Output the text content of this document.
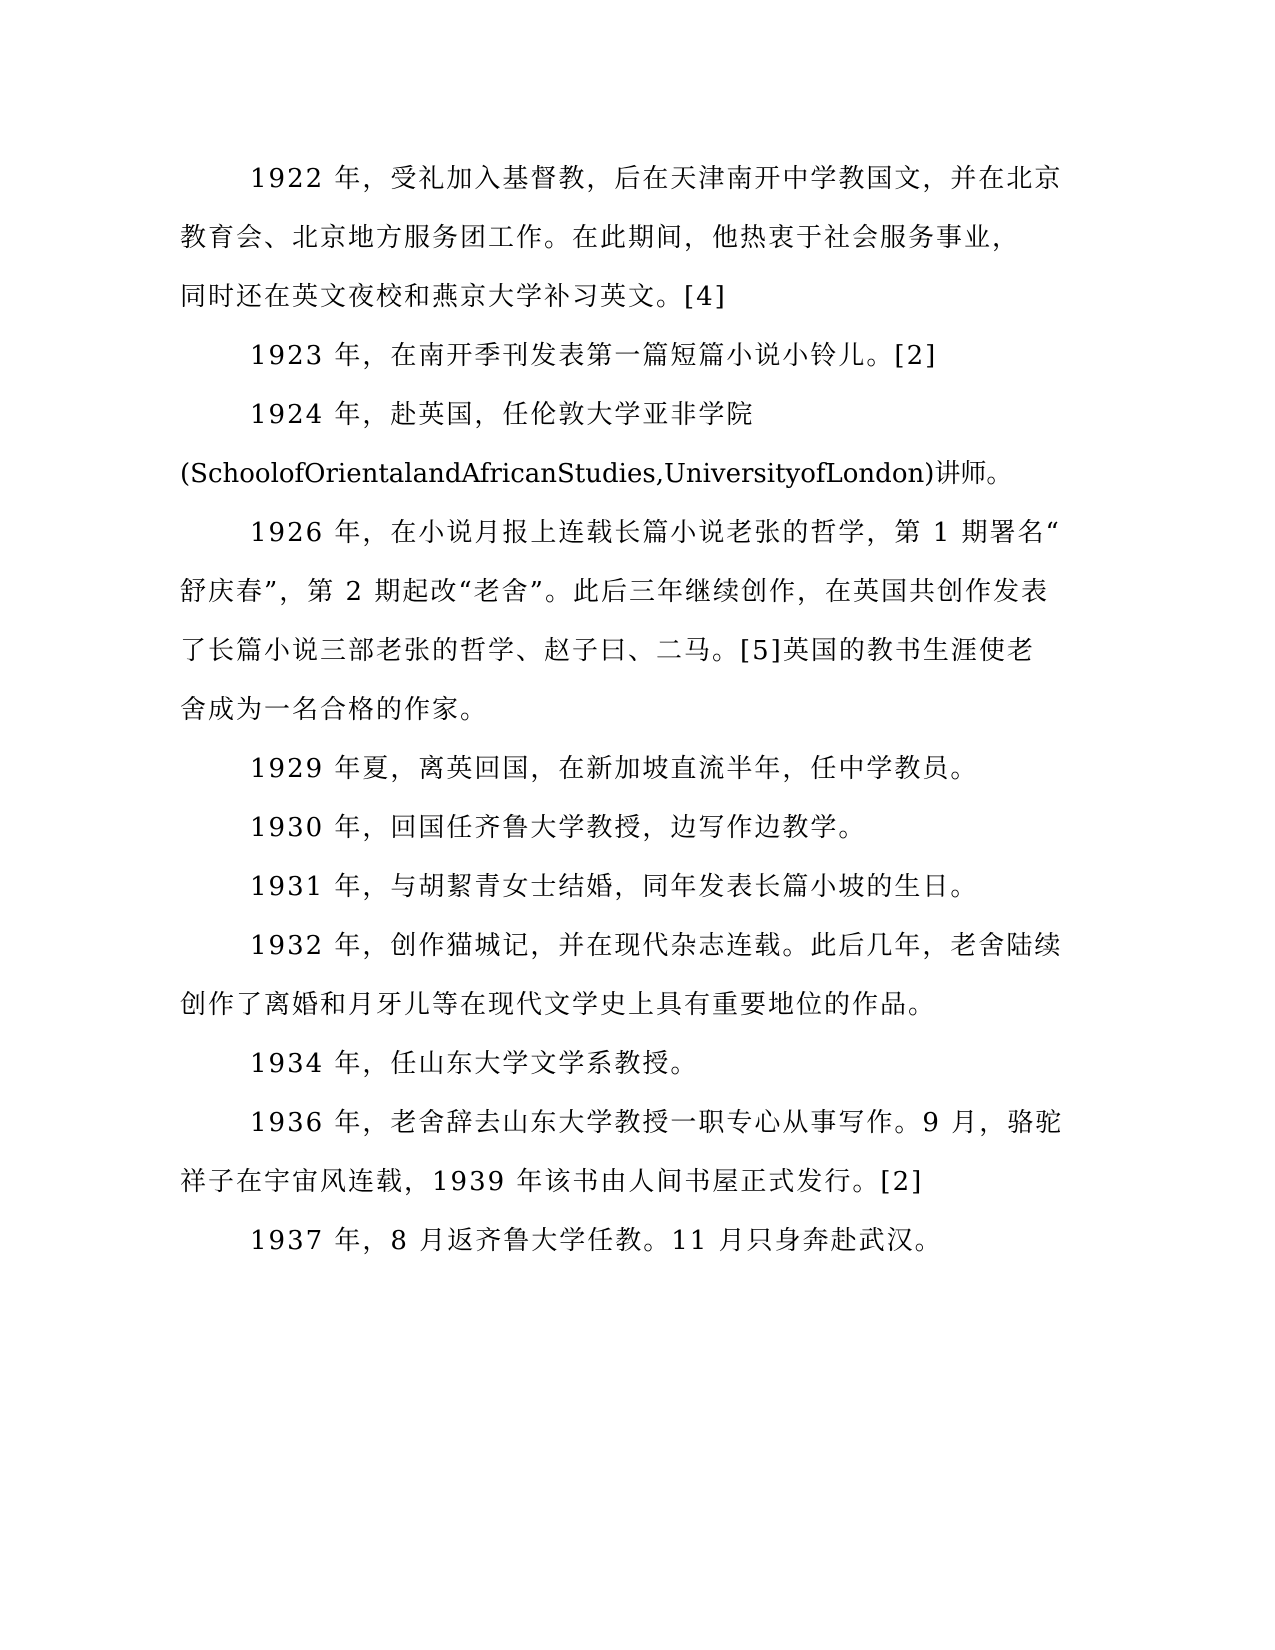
1922 年，受礼加入基督教，后在天津南开中学教国文，并在北京
教育会、北京地方服务团工作。在此期间，他热衷于社会服务事业，
同时还在英文夜校和燕京大学补习英文。[4]
1923 年，在南开季刊发表第一篇短篇小说小铃儿。[2]
1924 年，赴英国，任伦敦大学亚非学院
(SchoolofOrientalandAfricanStudies,UniversityofLondon)讲师。
1926 年，在小说月报上连载长篇小说老张的哲学，第 1 期署名“
舒庆春”，第 2 期起改“老舍”。此后三年继续创作，在英国共创作发表
了长篇小说三部老张的哲学、赵子曰、二马。[5]英国的教书生涯使老
舍成为一名合格的作家。
1929 年夏，离英回国，在新加坡直流半年，任中学教员。
1930 年，回国任齐鲁大学教授，边写作边教学。
1931 年，与胡絜青女士结婚，同年发表长篇小坡的生日。
1932 年，创作猫城记，并在现代杂志连载。此后几年，老舍陆续
创作了离婚和月牙儿等在现代文学史上具有重要地位的作品。
1934 年，任山东大学文学系教授。
1936 年，老舍辞去山东大学教授一职专心从事写作。9 月，骆驼
祥子在宇宙风连载，1939 年该书由人间书屋正式发行。[2]
1937 年，8 月返齐鲁大学任教。11 月只身奔赴武汉。
